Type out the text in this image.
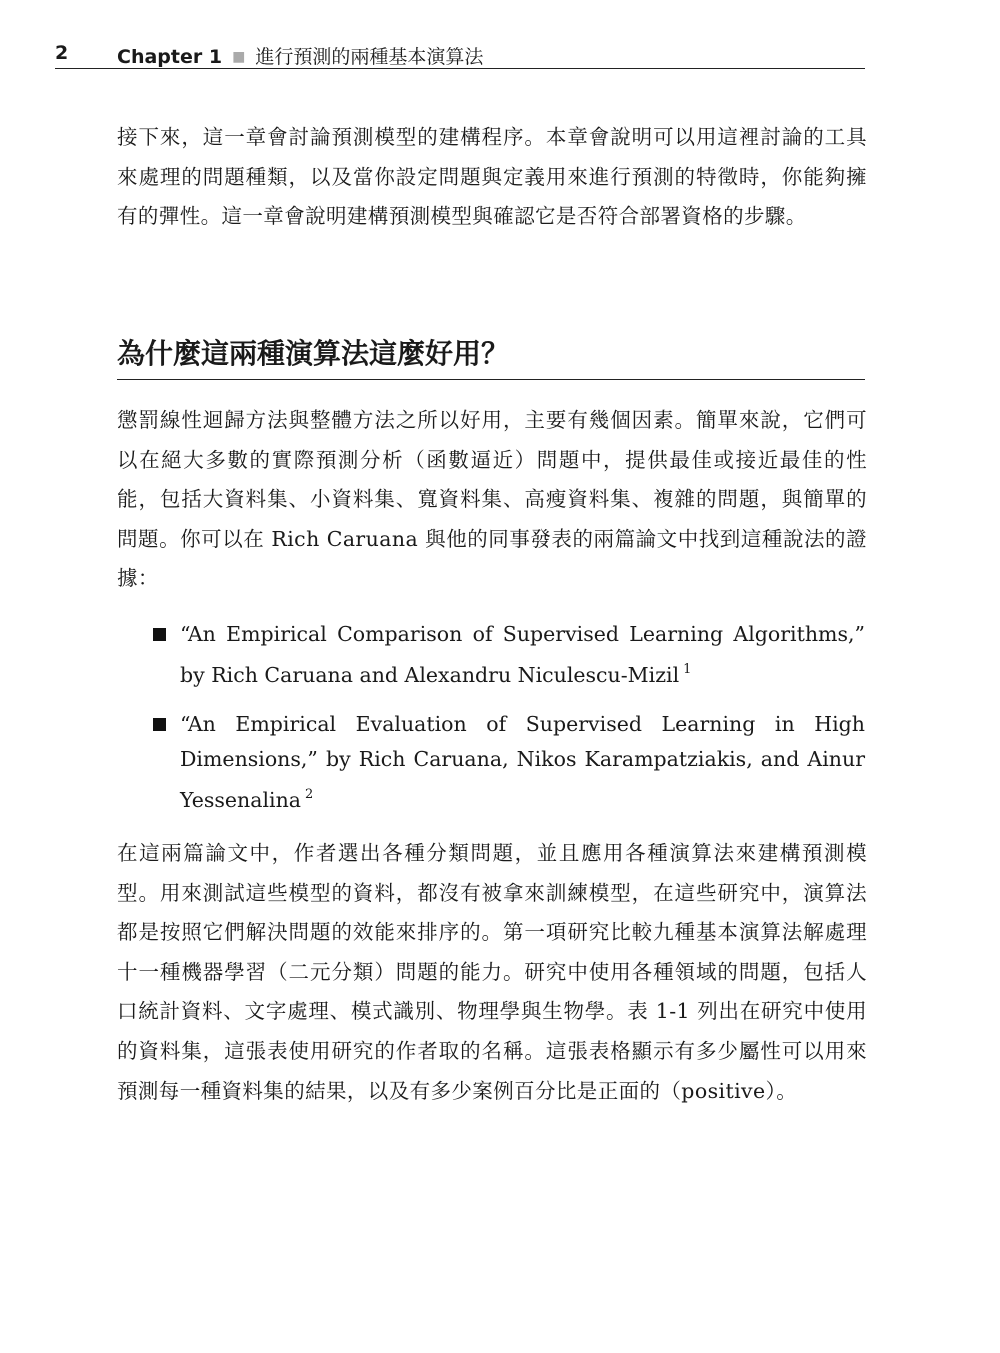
2	Chapter 1 ■ 進行預測的兩種基本演算法

接下來，這一章會討論預測模型的建構程序。本章會說明可以用這裡討論的工具來處理的問題種類，以及當你設定問題與定義用來進行預測的特徵時，你能夠擁有的彈性。這一章會說明建構預測模型與確認它是否符合部署資格的步驟。

為什麼這兩種演算法這麼好用？

懲罰線性迴歸方法與整體方法之所以好用，主要有幾個因素。簡單來說，它們可以在絕大多數的實際預測分析（函數逼近）問題中，提供最佳或接近最佳的性能，包括大資料集、小資料集、寬資料集、高瘦資料集、複雜的問題，與簡單的問題。你可以在 Rich Caruana 與他的同事發表的兩篇論文中找到這種說法的證據：

“An Empirical Comparison of Supervised Learning Algorithms,” by Rich Caruana and Alexandru Niculescu-Mizil $^1$
“An Empirical Evaluation of Supervised Learning in High Dimensions,” by Rich Caruana, Nikos Karampatziakis, and Ainur Yessenalina $^2$

在這兩篇論文中，作者選出各種分類問題，並且應用各種演算法來建構預測模型。用來測試這些模型的資料，都沒有被拿來訓練模型，在這些研究中，演算法都是按照它們解決問題的效能來排序的。第一項研究比較九種基本演算法解處理十一種機器學習（二元分類）問題的能力。研究中使用各種領域的問題，包括人口統計資料、文字處理、模式識別、物理學與生物學。表 1-1 列出在研究中使用的資料集，這張表使用研究的作者取的名稱。這張表格顯示有多少屬性可以用來預測每一種資料集的結果，以及有多少案例百分比是正面的（positive）。
